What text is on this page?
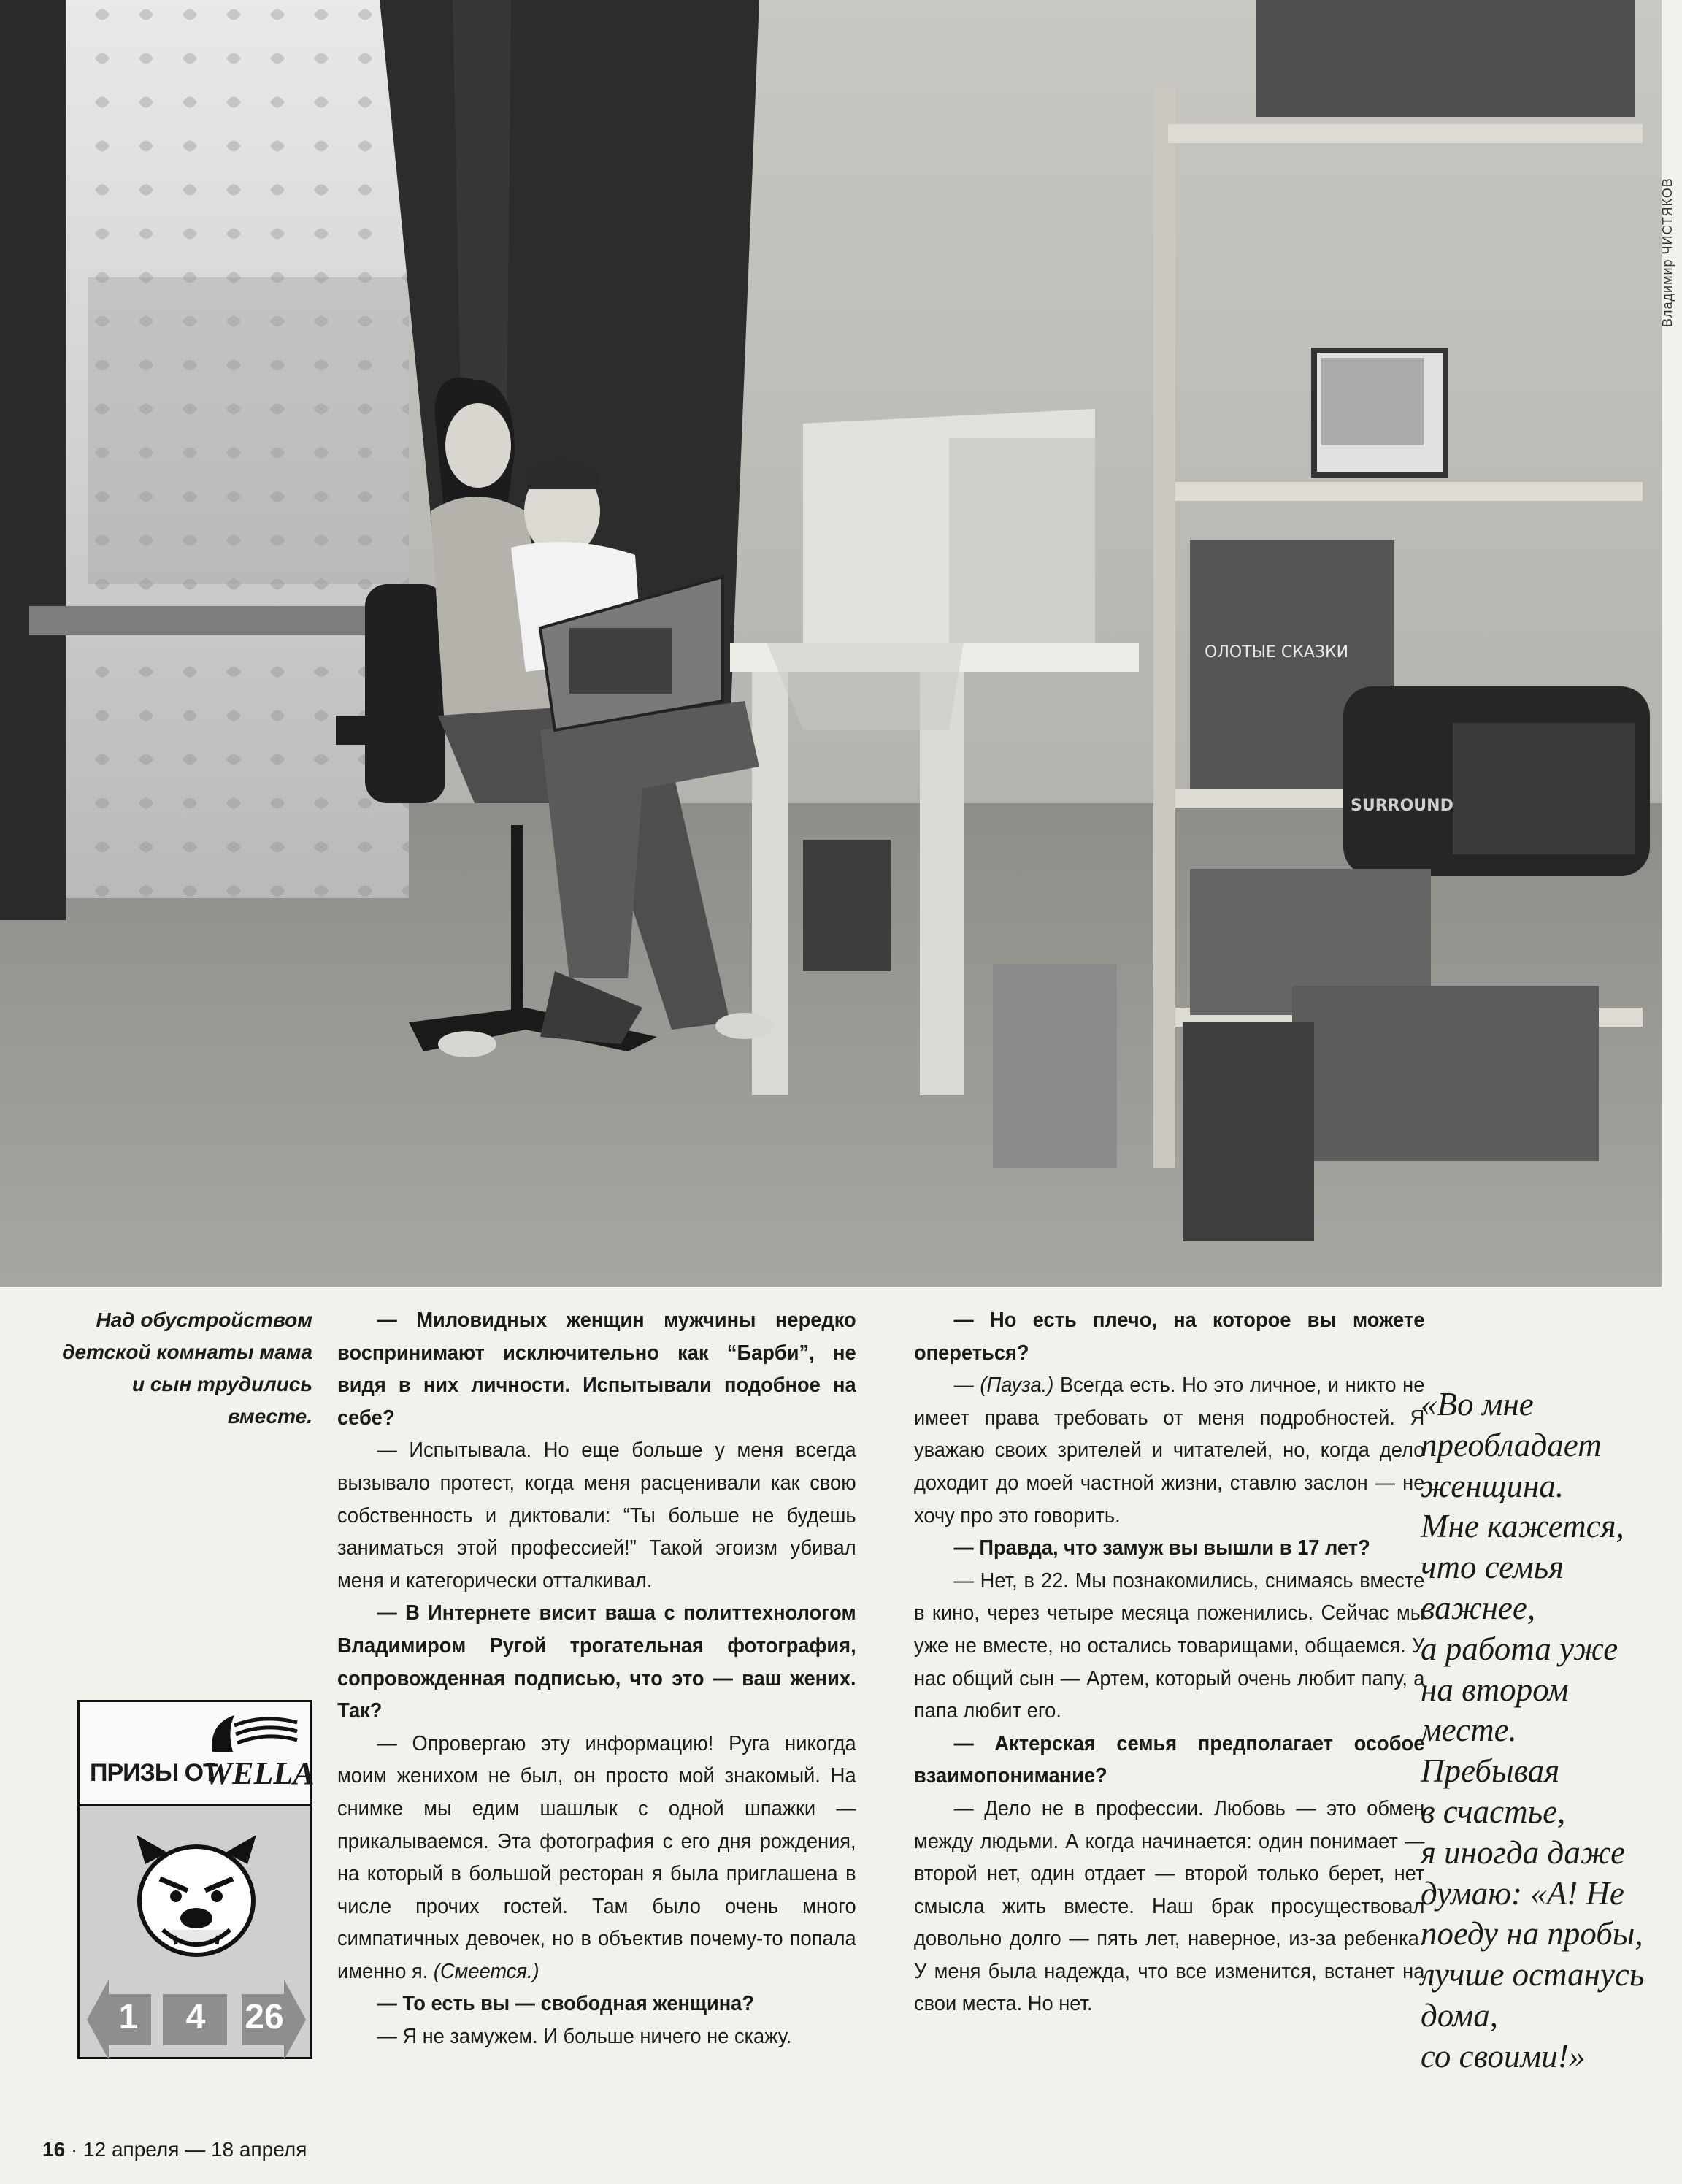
ОЛОТЫЕ СКАЗКИ
SURROUND
Владимир ЧИСТЯКОВ

Над обустройством

детской комнаты мама

и сын трудились

вместе.

— Миловидных женщин мужчины нередко воспринимают исключительно как “Барби”, не видя в них личности. Испытывали подобное на себе?

— Испытывала. Но еще больше у меня всегда вызывало протест, когда меня расценивали как свою собственность и диктовали: “Ты больше не будешь заниматься этой профессией!” Такой эгоизм убивал меня и категорически отталкивал.

— В Интернете висит ваша с политтехнологом Владимиром Ругой трогательная фотография, сопровожденная подписью, что это — ваш жених. Так?

— Опровергаю эту информацию! Руга никогда моим женихом не был, он просто мой знакомый. На снимке мы едим шашлык с одной шпажки — прикалываемся. Эта фотография с его дня рождения, на который в большой ресторан я была приглашена в числе прочих гостей. Там было очень много симпатичных девочек, но в объектив почему-то попала именно я. (Смеется.)

— То есть вы — свободная женщина?

— Я не замужем. И больше ничего не скажу.

— Но есть плечо, на которое вы можете опереться?

— (Пауза.) Всегда есть. Но это личное, и никто не имеет права требовать от меня подробностей. Я уважаю своих зрителей и читателей, но, когда дело доходит до моей частной жизни, ставлю заслон — не хочу про это говорить.

— Правда, что замуж вы вышли в 17 лет?

— Нет, в 22. Мы познакомились, снимаясь вместе в кино, через четыре месяца поженились. Сейчас мы уже не вместе, но остались товарищами, общаемся. У нас общий сын — Артем, который очень любит папу, а папа любит его.

— Актерская семья предполагает особое взаимопонимание?

— Дело не в профессии. Любовь — это обмен между людьми. А когда начинается: один понимает — второй нет, один отдает — второй только берет, нет смысла жить вместе. Наш брак просуществовал довольно долго — пять лет, наверное, из-за ребенка. У меня была надежда, что все изменится, встанет на свои места. Но нет.

«Во мне

преобладает

женщина.

Мне кажется,

что семья

важнее,

а работа уже

на втором

месте.

Пребывая

в счастье,

я иногда даже

думаю: «А! Не

поеду на пробы,

лучше останусь

дома,

со своими!»

ПРИЗЫ ОТ
WELLA
1	4	26
16 · 12 апреля — 18 апреля
